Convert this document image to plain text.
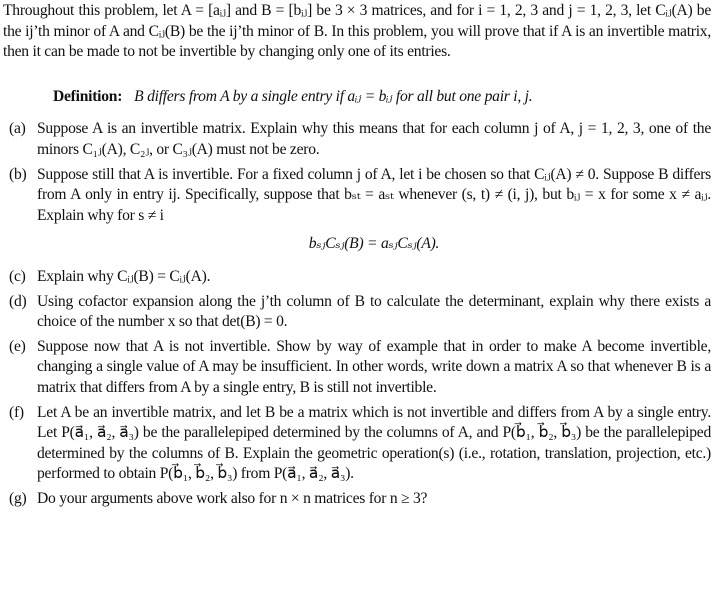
Throughout this problem, let A = [aᵢⱼ] and B = [bᵢⱼ] be 3 × 3 matrices, and for i = 1, 2, 3 and j = 1, 2, 3, let Cᵢⱼ(A) be the ij’th minor of A and Cᵢⱼ(B) be the ij’th minor of B. In this problem, you will prove that if A is an invertible matrix, then it can be made to not be invertible by changing only one of its entries.

Definition: B differs from A by a single entry if aᵢⱼ = bᵢⱼ for all but one pair i, j.
(a) Suppose A is an invertible matrix. Explain why this means that for each column j of A, j = 1, 2, 3, one of the minors C₁ⱼ(A), C₂ⱼ, or C₃ⱼ(A) must not be zero.
(b) Suppose still that A is invertible. For a fixed column j of A, let i be chosen so that Cᵢⱼ(A) ≠ 0. Suppose B differs from A only in entry ij. Specifically, suppose that bₛₜ = aₛₜ whenever (s, t) ≠ (i, j), but bᵢⱼ = x for some x ≠ aᵢⱼ. Explain why for s ≠ i
bₛⱼCₛⱼ(B) = aₛⱼCₛⱼ(A).
(c) Explain why Cᵢⱼ(B) = Cᵢⱼ(A).
(d) Using cofactor expansion along the j’th column of B to calculate the determinant, explain why there exists a choice of the number x so that det(B) = 0.
(e) Suppose now that A is not invertible. Show by way of example that in order to make A become invertible, changing a single value of A may be insufficient. In other words, write down a matrix A so that whenever B is a matrix that differs from A by a single entry, B is still not invertible.
(f) Let A be an invertible matrix, and let B be a matrix which is not invertible and differs from A by a single entry. Let P(a⃗₁, a⃗₂, a⃗₃) be the parallelepiped determined by the columns of A, and P(b⃗₁, b⃗₂, b⃗₃) be the parallelepiped determined by the columns of B. Explain the geometric operation(s) (i.e., rotation, translation, projection, etc.) performed to obtain P(b⃗₁, b⃗₂, b⃗₃) from P(a⃗₁, a⃗₂, a⃗₃).
(g) Do your arguments above work also for n × n matrices for n ≥ 3?
